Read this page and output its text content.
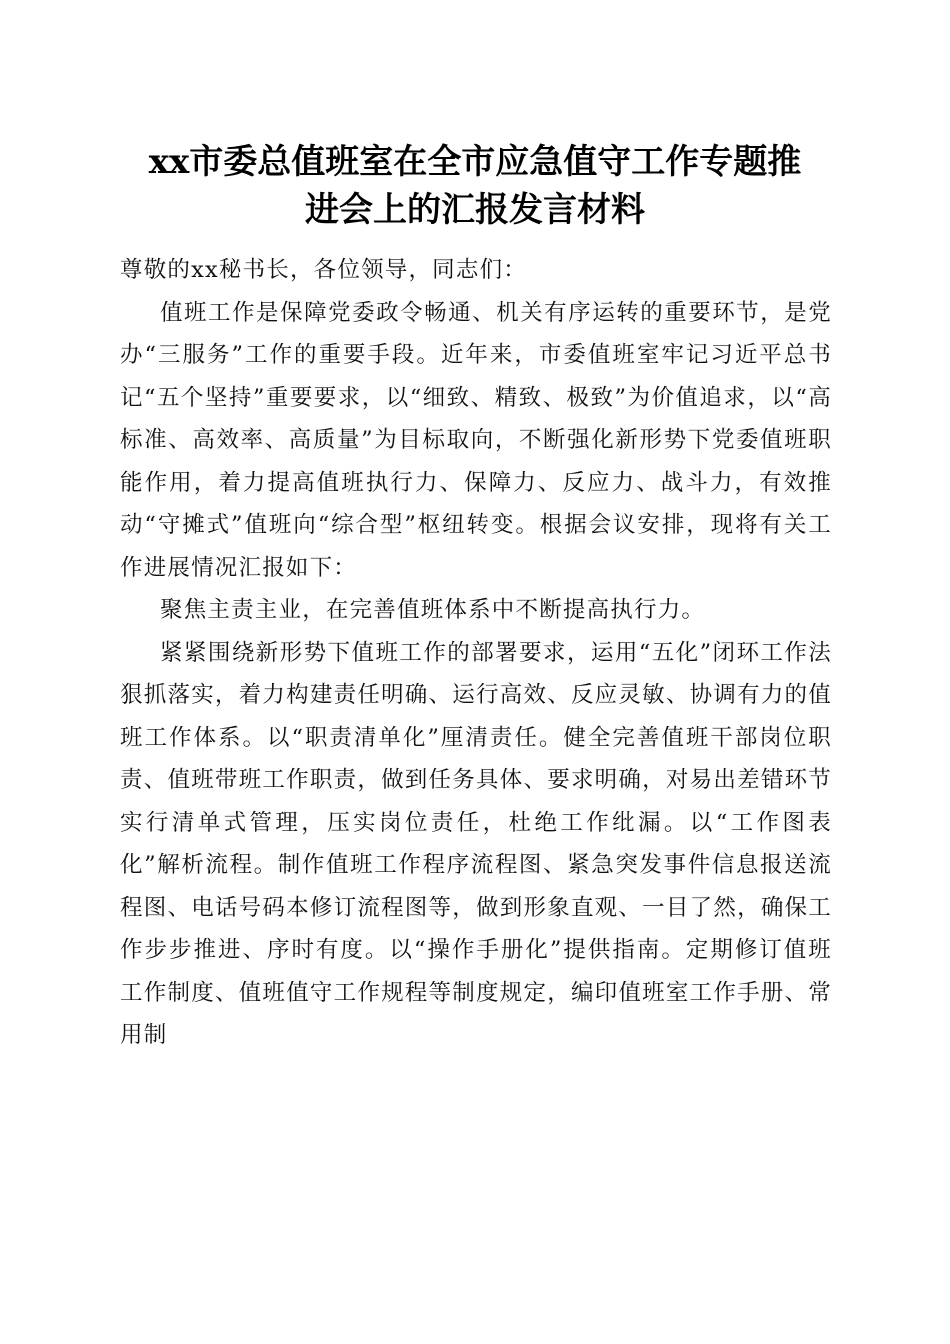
xx市委总值班室在全市应急值守工作专题推
进会上的汇报发言材料

尊敬的xx秘书长，各位领导，同志们：

值班工作是保障党委政令畅通、机关有序运转的重要环节，是党办“三服务”工作的重要手段。近年来，市委值班室牢记习近平总书记“五个坚持”重要要求，以“细致、精致、极致”为价值追求，以“高标准、高效率、高质量”为目标取向，不断强化新形势下党委值班职能作用，着力提高值班执行力、保障力、反应力、战斗力，有效推动“守摊式”值班向“综合型”枢纽转变。根据会议安排，现将有关工作进展情况汇报如下：

聚焦主责主业，在完善值班体系中不断提高执行力。

紧紧围绕新形势下值班工作的部署要求，运用“五化”闭环工作法狠抓落实，着力构建责任明确、运行高效、反应灵敏、协调有力的值班工作体系。以“职责清单化”厘清责任。健全完善值班干部岗位职责、值班带班工作职责，做到任务具体、要求明确，对易出差错环节实行清单式管理，压实岗位责任，杜绝工作纰漏。以“工作图表化”解析流程。制作值班工作程序流程图、紧急突发事件信息报送流程图、电话号码本修订流程图等，做到形象直观、一目了然，确保工作步步推进、序时有度。以“操作手册化”提供指南。定期修订值班工作制度、值班值守工作规程等制度规定，编印值班室工作手册、常用制
